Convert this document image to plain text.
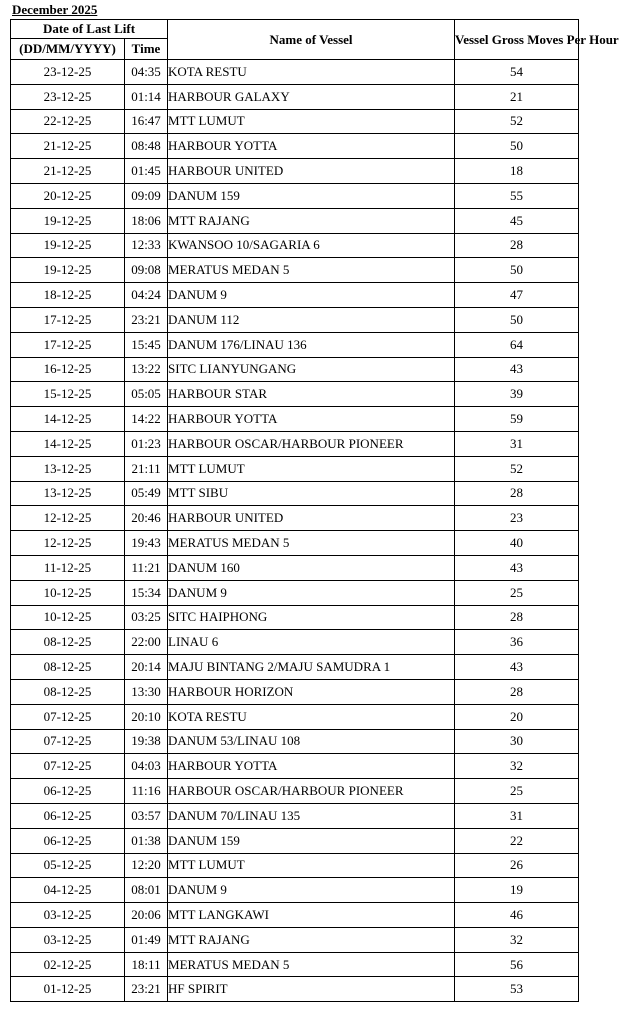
December 2025
Date of Last Lift		Name of Vessel	Vessel Gross Moves Per Hour
(DD/MM/YYYY)	Time		
23-12-25	04:35	KOTA RESTU	54
23-12-25	01:14	HARBOUR GALAXY	21
22-12-25	16:47	MTT LUMUT	52
21-12-25	08:48	HARBOUR YOTTA	50
21-12-25	01:45	HARBOUR UNITED	18
20-12-25	09:09	DANUM 159	55
19-12-25	18:06	MTT RAJANG	45
19-12-25	12:33	KWANSOO 10/SAGARIA 6	28
19-12-25	09:08	MERATUS MEDAN 5	50
18-12-25	04:24	DANUM 9	47
17-12-25	23:21	DANUM 112	50
17-12-25	15:45	DANUM 176/LINAU 136	64
16-12-25	13:22	SITC LIANYUNGANG	43
15-12-25	05:05	HARBOUR STAR	39
14-12-25	14:22	HARBOUR YOTTA	59
14-12-25	01:23	HARBOUR OSCAR/HARBOUR PIONEER	31
13-12-25	21:11	MTT LUMUT	52
13-12-25	05:49	MTT SIBU	28
12-12-25	20:46	HARBOUR UNITED	23
12-12-25	19:43	MERATUS MEDAN 5	40
11-12-25	11:21	DANUM 160	43
10-12-25	15:34	DANUM 9	25
10-12-25	03:25	SITC HAIPHONG	28
08-12-25	22:00	LINAU 6	36
08-12-25	20:14	MAJU BINTANG 2/MAJU SAMUDRA 1	43
08-12-25	13:30	HARBOUR HORIZON	28
07-12-25	20:10	KOTA RESTU	20
07-12-25	19:38	DANUM 53/LINAU 108	30
07-12-25	04:03	HARBOUR YOTTA	32
06-12-25	11:16	HARBOUR OSCAR/HARBOUR PIONEER	25
06-12-25	03:57	DANUM 70/LINAU 135	31
06-12-25	01:38	DANUM 159	22
05-12-25	12:20	MTT LUMUT	26
04-12-25	08:01	DANUM 9	19
03-12-25	20:06	MTT LANGKAWI	46
03-12-25	01:49	MTT RAJANG	32
02-12-25	18:11	MERATUS MEDAN 5	56
01-12-25	23:21	HF SPIRIT	53
